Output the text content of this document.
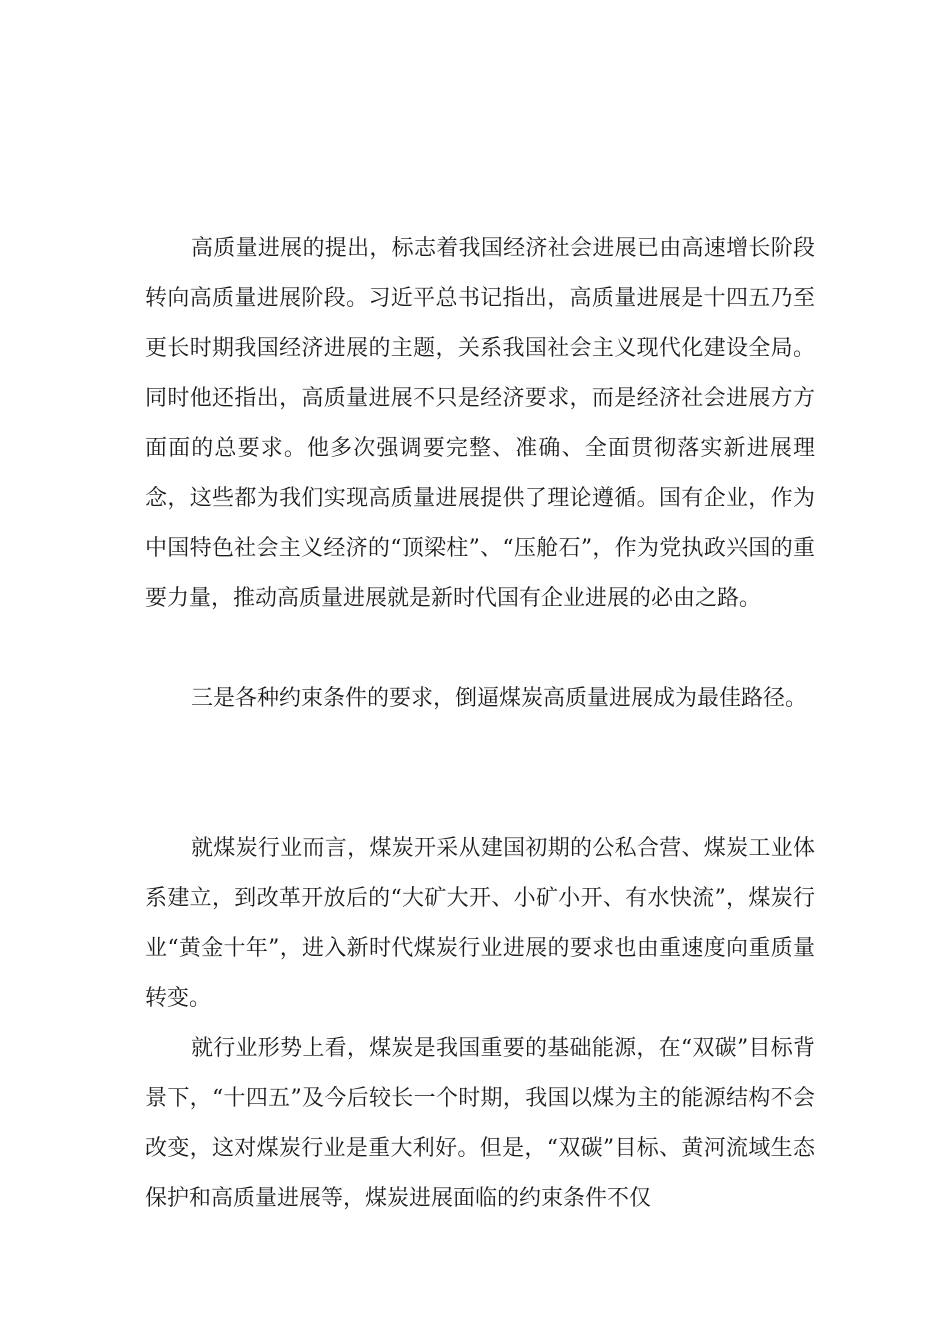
高质量进展的提出，标志着我国经济社会进展已由高速增长阶段转向高质量进展阶段。习近平总书记指出，高质量进展是十四五乃至更长时期我国经济进展的主题，关系我国社会主义现代化建设全局。同时他还指出，高质量进展不只是经济要求，而是经济社会进展方方面面的总要求。他多次强调要完整、准确、全面贯彻落实新进展理念，这些都为我们实现高质量进展提供了理论遵循。国有企业，作为中国特色社会主义经济的“顶梁柱”、“压舱石”，作为党执政兴国的重要力量，推动高质量进展就是新时代国有企业进展的必由之路。

三是各种约束条件的要求，倒逼煤炭高质量进展成为最佳路径。

就煤炭行业而言，煤炭开采从建国初期的公私合营、煤炭工业体系建立，到改革开放后的“大矿大开、小矿小开、有水快流”，煤炭行业“黄金十年”，进入新时代煤炭行业进展的要求也由重速度向重质量转变。

就行业形势上看，煤炭是我国重要的基础能源，在“双碳”目标背景下，“十四五”及今后较长一个时期，我国以煤为主的能源结构不会改变，这对煤炭行业是重大利好。但是，“双碳”目标、黄河流域生态保护和高质量进展等，煤炭进展面临的约束条件不仅
